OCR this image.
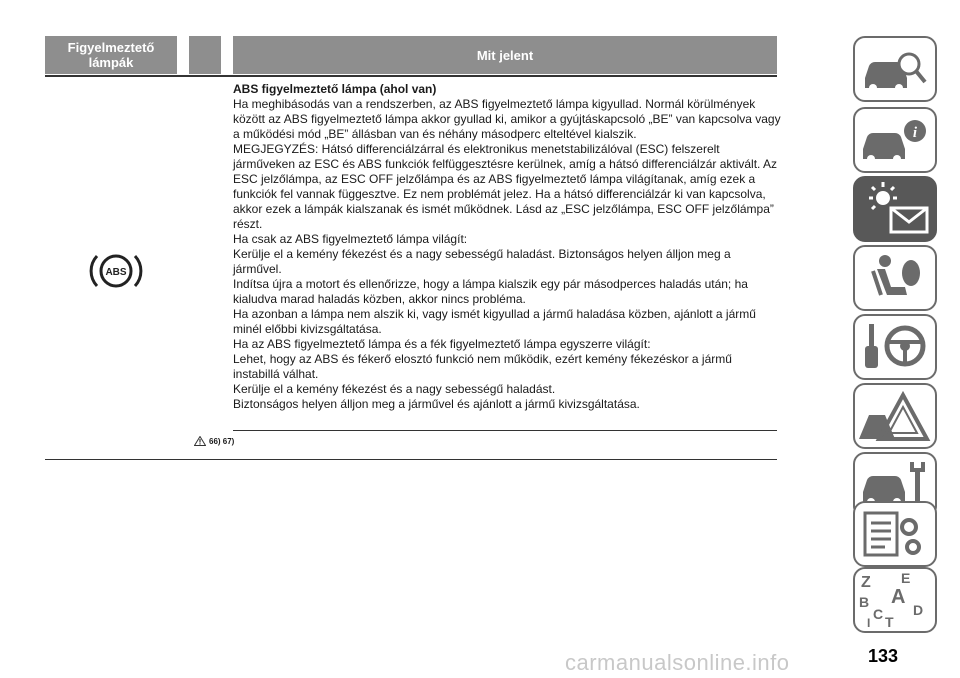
Figyelmeztető lámpák	Mit jelent
ABS
ABS figyelmeztető lámpa (ahol van)

Ha meghibásodás van a rendszerben, az ABS figyelmeztető lámpa kigyullad. Normál körülmények között az ABS figyelmeztető lámpa akkor gyullad ki, amikor a gyújtáskapcsoló „BE” van kapcsolva vagy a működési mód „BE” állásban van és néhány másodperc elteltével kialszik.

MEGJEGYZÉS: Hátsó differenciálzárral és elektronikus menetstabilizálóval (ESC) felszerelt járműveken az ESC és ABS funkciók felfüggesztésre kerülnek, amíg a hátsó differenciálzár aktivált. Az ESC jelzőlámpa, az ESC OFF jelzőlámpa és az ABS figyelmeztető lámpa világítanak, amíg ezek a funkciók fel vannak függesztve. Ez nem problémát jelez. Ha a hátsó differenciálzár ki van kapcsolva, akkor ezek a lámpák kialszanak és ismét működnek. Lásd az „ESC jelzőlámpa, ESC OFF jelzőlámpa” részt.

Ha csak az ABS figyelmeztető lámpa világít:

Kerülje el a kemény fékezést és a nagy sebességű haladást. Biztonságos helyen álljon meg a járművel.

Indítsa újra a motort és ellenőrizze, hogy a lámpa kialszik egy pár másodperces haladás után; ha kialudva marad haladás közben, akkor nincs probléma.

Ha azonban a lámpa nem alszik ki, vagy ismét kigyullad a jármű haladása közben, ajánlott a jármű minél előbbi kivizsgáltatása.

Ha az ABS figyelmeztető lámpa és a fék figyelmeztető lámpa egyszerre világít:

Lehet, hogy az ABS és fékerő elosztó funkció nem működik, ezért kemény fékezéskor a jármű instabillá válhat.

Kerülje el a kemény fékezést és a nagy sebességű haladást.

Biztonságos helyen álljon meg a járművel és ajánlott a jármű kivizsgáltatása.

66) 67)
i
Z E
B A
C D
T
I
carmanualsonline.info	133
